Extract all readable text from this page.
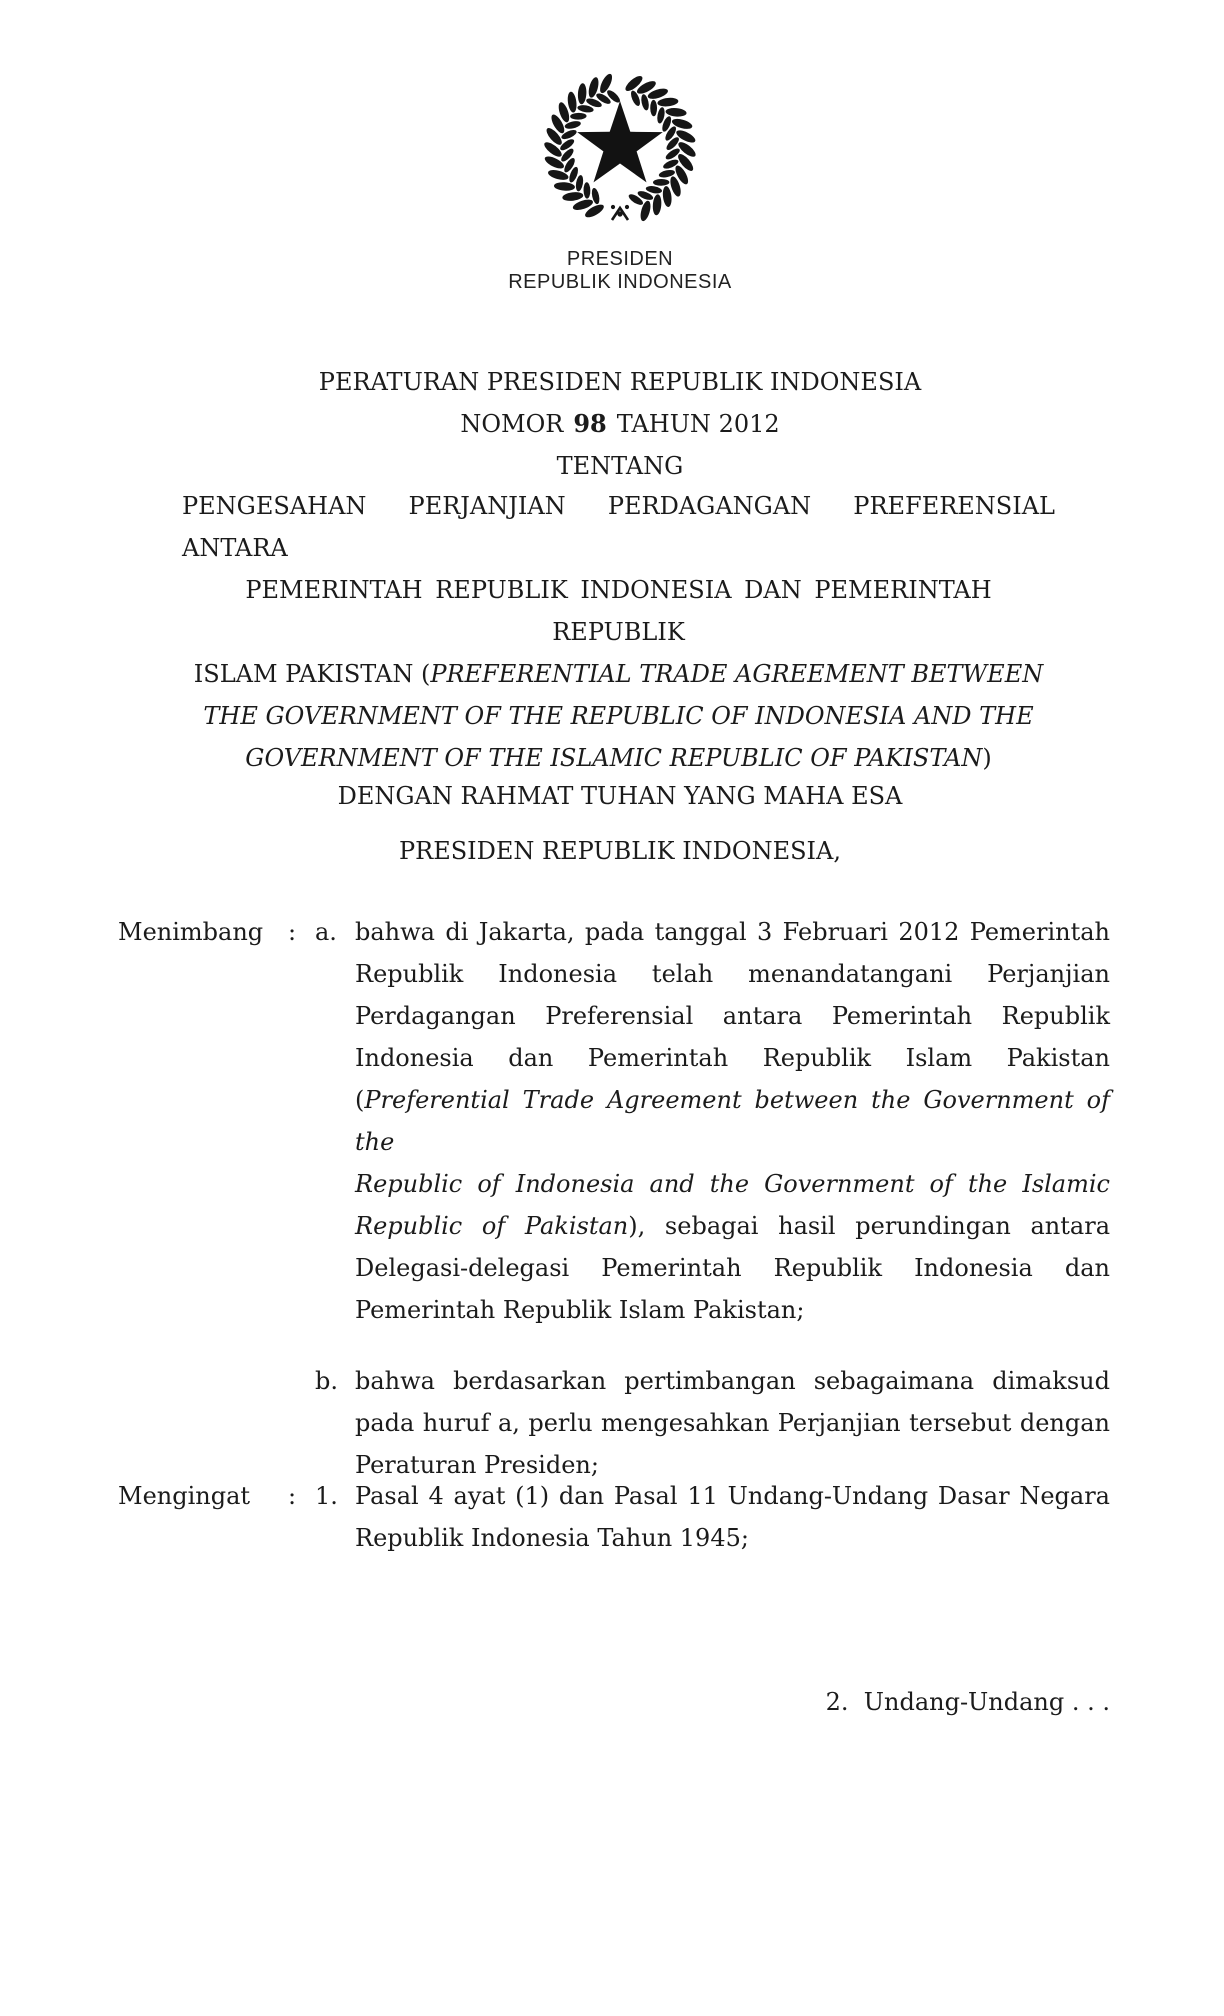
PRESIDEN
REPUBLIK INDONESIA
PERATURAN PRESIDEN REPUBLIK INDONESIA
NOMOR 98 TAHUN 2012
TENTANG
PENGESAHAN PERJANJIAN PERDAGANGAN PREFERENSIAL ANTARA
PEMERINTAH REPUBLIK INDONESIA DAN PEMERINTAH REPUBLIK
ISLAM PAKISTAN (PREFERENTIAL TRADE AGREEMENT BETWEEN
THE GOVERNMENT OF THE REPUBLIC OF INDONESIA AND THE
GOVERNMENT OF THE ISLAMIC REPUBLIC OF PAKISTAN)
DENGAN RAHMAT TUHAN YANG MAHA ESA
PRESIDEN REPUBLIK INDONESIA,
Menimbang	: a. bahwa di Jakarta, pada tanggal 3 Februari 2012 Pemerintah
Republik Indonesia telah menandatangani Perjanjian
Perdagangan Preferensial antara Pemerintah Republik
Indonesia dan Pemerintah Republik Islam Pakistan
(Preferential Trade Agreement between the Government of the
Republic of Indonesia and the Government of the Islamic
Republic of Pakistan), sebagai hasil perundingan antara
Delegasi-delegasi Pemerintah Republik Indonesia dan
Pemerintah Republik Islam Pakistan;
b. bahwa berdasarkan pertimbangan sebagaimana dimaksud
pada huruf a, perlu mengesahkan Perjanjian tersebut dengan
Peraturan Presiden;
Mengingat	: 1. Pasal 4 ayat (1) dan Pasal 11 Undang-Undang Dasar Negara
Republik Indonesia Tahun 1945;
2.  Undang-Undang . . .
